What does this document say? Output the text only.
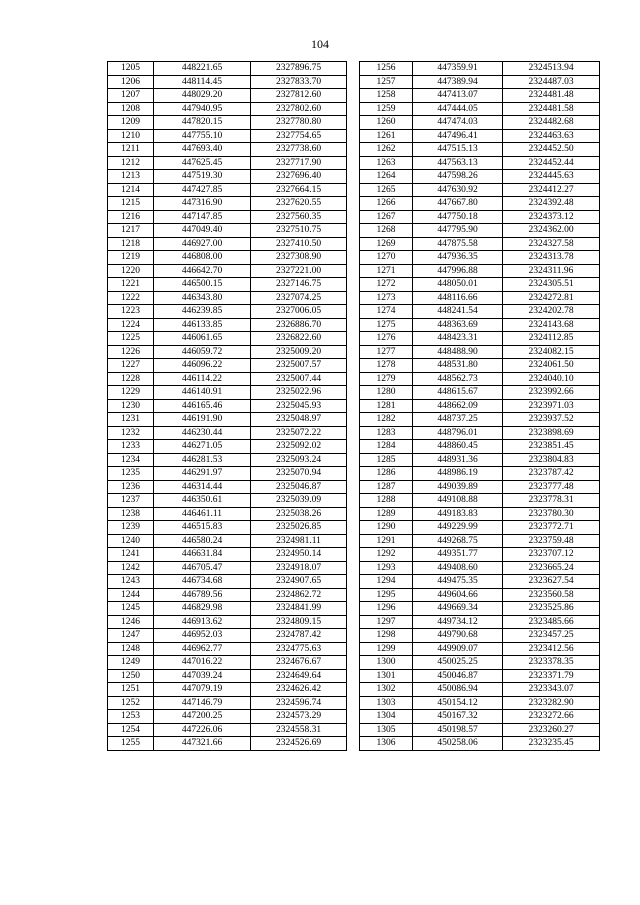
104
1205	448221.65	2327896.75
1206	448114.45	2327833.70
1207	448029.20	2327812.60
1208	447940.95	2327802.60
1209	447820.15	2327780.80
1210	447755.10	2327754.65
1211	447693.40	2327738.60
1212	447625.45	2327717.90
1213	447519.30	2327696.40
1214	447427.85	2327664.15
1215	447316.90	2327620.55
1216	447147.85	2327560.35
1217	447049.40	2327510.75
1218	446927.00	2327410.50
1219	446808.00	2327308.90
1220	446642.70	2327221.00
1221	446500.15	2327146.75
1222	446343.80	2327074.25
1223	446239.85	2327006.05
1224	446133.85	2326886.70
1225	446061.65	2326822.60
1226	446059.72	2325009.20
1227	446096.22	2325007.57
1228	446114.22	2325007.44
1229	446140.91	2325022.96
1230	446165.46	2325045.93
1231	446191.90	2325048.97
1232	446230.44	2325072.22
1233	446271.05	2325092.02
1234	446281.53	2325093.24
1235	446291.97	2325070.94
1236	446314.44	2325046.87
1237	446350.61	2325039.09
1238	446461.11	2325038.26
1239	446515.83	2325026.85
1240	446580.24	2324981.11
1241	446631.84	2324950.14
1242	446705.47	2324918.07
1243	446734.68	2324907.65
1244	446789.56	2324862.72
1245	446829.98	2324841.99
1246	446913.62	2324809.15
1247	446952.03	2324787.42
1248	446962.77	2324775.63
1249	447016.22	2324676.67
1250	447039.24	2324649.64
1251	447079.19	2324626.42
1252	447146.79	2324596.74
1253	447200.25	2324573.29
1254	447226.06	2324558.31
1255	447321.66	2324526.69
1256	447359.91	2324513.94
1257	447389.94	2324487.03
1258	447413.07	2324481.48
1259	447444.05	2324481.58
1260	447474.03	2324482.68
1261	447496.41	2324463.63
1262	447515.13	2324452.50
1263	447563.13	2324452.44
1264	447598.26	2324445.63
1265	447630.92	2324412.27
1266	447667.80	2324392.48
1267	447750.18	2324373.12
1268	447795.90	2324362.00
1269	447875.58	2324327.58
1270	447936.35	2324313.78
1271	447996.88	2324311.96
1272	448050.01	2324305.51
1273	448116.66	2324272.81
1274	448241.54	2324202.78
1275	448363.69	2324143.68
1276	448423.31	2324112.85
1277	448488.90	2324082.15
1278	448531.80	2324061.50
1279	448562.73	2324040.10
1280	448615.67	2323992.66
1281	448662.09	2323971.03
1282	448737.25	2323937.52
1283	448796.01	2323898.69
1284	448860.45	2323851.45
1285	448931.36	2323804.83
1286	448986.19	2323787.42
1287	449039.89	2323777.48
1288	449108.88	2323778.31
1289	449183.83	2323780.30
1290	449229.99	2323772.71
1291	449268.75	2323759.48
1292	449351.77	2323707.12
1293	449408.60	2323665.24
1294	449475.35	2323627.54
1295	449604.66	2323560.58
1296	449669.34	2323525.86
1297	449734.12	2323485.66
1298	449790.68	2323457.25
1299	449909.07	2323412.56
1300	450025.25	2323378.35
1301	450046.87	2323371.79
1302	450086.94	2323343.07
1303	450154.12	2323282.90
1304	450167.32	2323272.66
1305	450198.57	2323260.27
1306	450258.06	2323235.45
